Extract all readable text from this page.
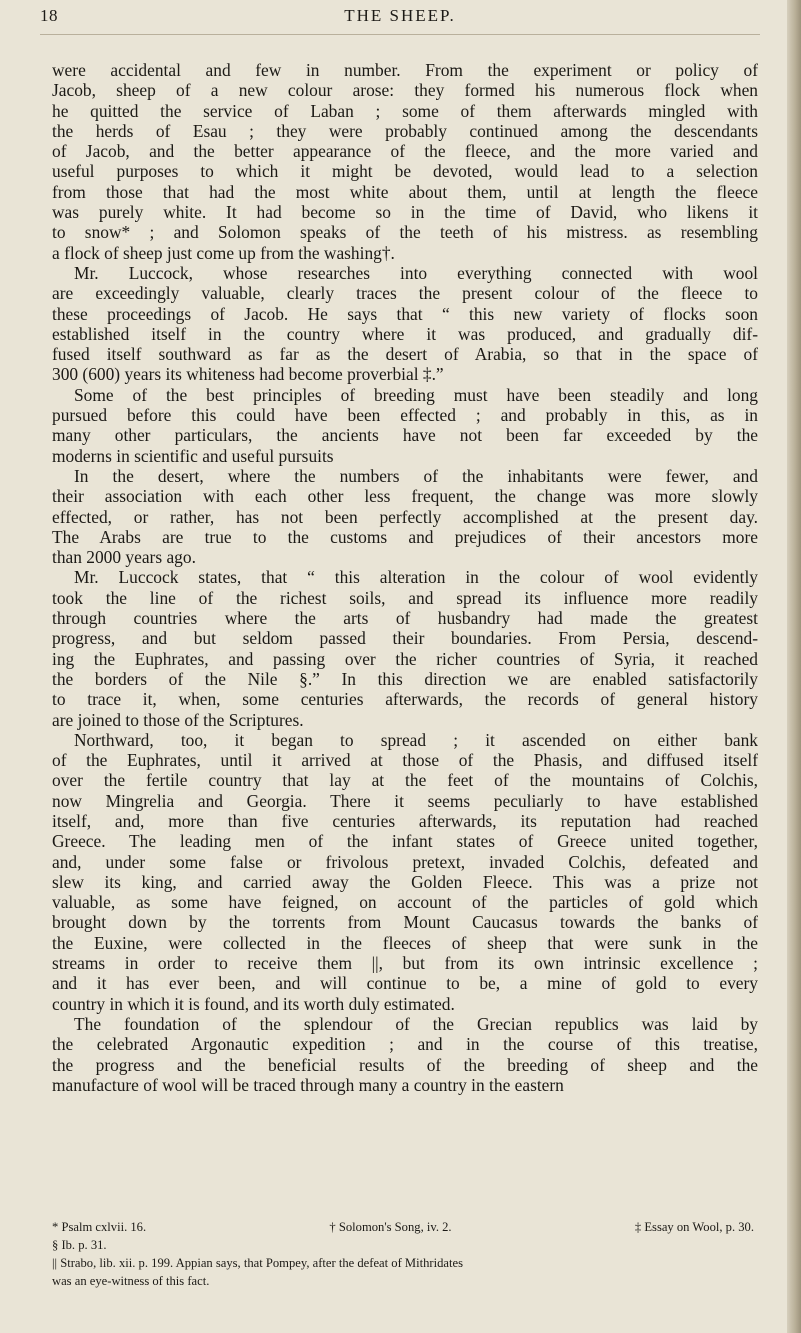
18	THE SHEEP.
were accidental and few in number. From the experiment or policy of
Jacob, sheep of a new colour arose: they formed his numerous flock when
he quitted the service of Laban ; some of them afterwards mingled with
the herds of Esau ; they were probably continued among the descendants
of Jacob, and the better appearance of the fleece, and the more varied and
useful purposes to which it might be devoted, would lead to a selection
from those that had the most white about them, until at length the fleece
was purely white. It had become so in the time of David, who likens it
to snow* ; and Solomon speaks of the teeth of his mistress. as resembling
a flock of sheep just come up from the washing†.
Mr. Luccock, whose researches into everything connected with wool
are exceedingly valuable, clearly traces the present colour of the fleece to
these proceedings of Jacob. He says that “ this new variety of flocks soon
established itself in the country where it was produced, and gradually dif-
fused itself southward as far as the desert of Arabia, so that in the space of
300 (600) years its whiteness had become proverbial ‡.”
Some of the best principles of breeding must have been steadily and long
pursued before this could have been effected ; and probably in this, as in
many other particulars, the ancients have not been far exceeded by the
moderns in scientific and useful pursuits
In the desert, where the numbers of the inhabitants were fewer, and
their association with each other less frequent, the change was more slowly
effected, or rather, has not been perfectly accomplished at the present day.
The Arabs are true to the customs and prejudices of their ancestors more
than 2000 years ago.
Mr. Luccock states, that “ this alteration in the colour of wool evidently
took the line of the richest soils, and spread its influence more readily
through countries where the arts of husbandry had made the greatest
progress, and but seldom passed their boundaries. From Persia, descend-
ing the Euphrates, and passing over the richer countries of Syria, it reached
the borders of the Nile §.” In this direction we are enabled satisfactorily
to trace it, when, some centuries afterwards, the records of general history
are joined to those of the Scriptures.
Northward, too, it began to spread ; it ascended on either bank
of the Euphrates, until it arrived at those of the Phasis, and diffused itself
over the fertile country that lay at the feet of the mountains of Colchis,
now Mingrelia and Georgia. There it seems peculiarly to have established
itself, and, more than five centuries afterwards, its reputation had reached
Greece. The leading men of the infant states of Greece united together,
and, under some false or frivolous pretext, invaded Colchis, defeated and
slew its king, and carried away the Golden Fleece. This was a prize not
valuable, as some have feigned, on account of the particles of gold which
brought down by the torrents from Mount Caucasus towards the banks of
the Euxine, were collected in the fleeces of sheep that were sunk in the
streams in order to receive them ||, but from its own intrinsic excellence ;
and it has ever been, and will continue to be, a mine of gold to every
country in which it is found, and its worth duly estimated.
The foundation of the splendour of the Grecian republics was laid by
the celebrated Argonautic expedition ; and in the course of this treatise,
the progress and the beneficial results of the breeding of sheep and the
manufacture of wool will be traced through many a country in the eastern
* Psalm cxlvii. 16.	† Solomon's Song, iv. 2.	‡ Essay on Wool, p. 30.
§ Ib. p. 31.
|| Strabo, lib. xii. p. 199. Appian says, that Pompey, after the defeat of Mithridates
was an eye-witness of this fact.
